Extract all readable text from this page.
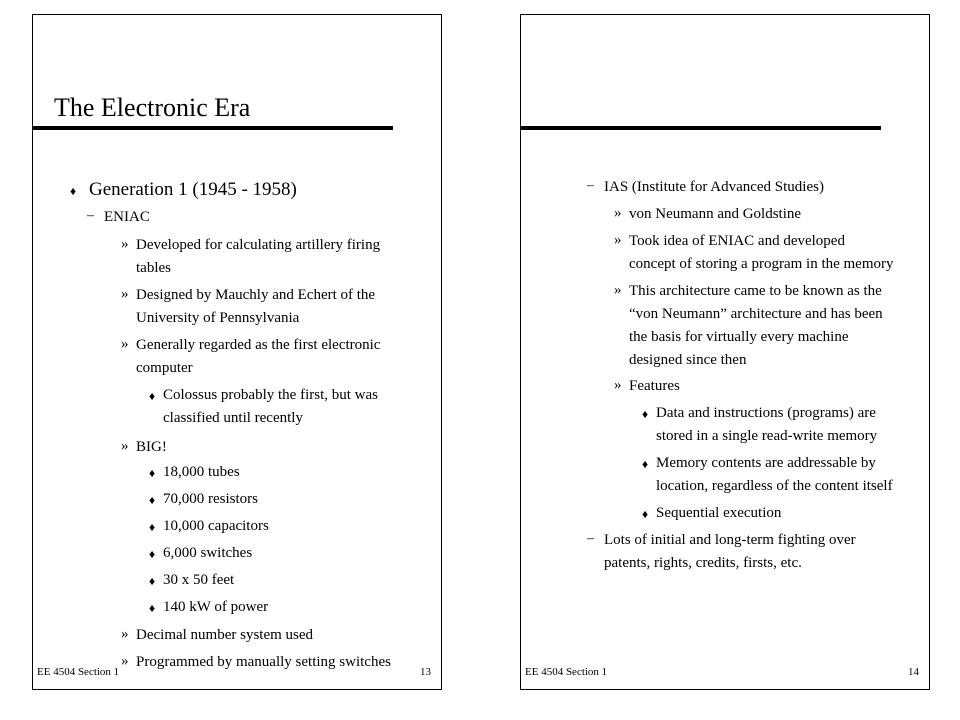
The Electronic Era
♦ Generation 1 (1945 - 1958)
– ENIAC
» Developed for calculating artillery firing
tables
» Designed by Mauchly and Echert of the
University of Pennsylvania
» Generally regarded as the first electronic
computer
♦ Colossus probably the first, but was
classified until recently
» BIG!
♦ 18,000 tubes
♦ 70,000 resistors
♦ 10,000 capacitors
♦ 6,000 switches
♦ 30 x 50 feet
♦ 140 kW of power
» Decimal number system used
» Programmed by manually setting switches
EE 4504 Section 1	13
– IAS (Institute for Advanced Studies)
» von Neumann and Goldstine
» Took idea of ENIAC and developed
concept of storing a program in the memory
» This architecture came to be known as the
“von Neumann” architecture and has been
the basis for virtually every machine
designed since then
» Features
♦ Data and instructions (programs) are
stored in a single read-write memory
♦ Memory contents are addressable by
location, regardless of the content itself
♦ Sequential execution
– Lots of initial and long-term fighting over
patents, rights, credits, firsts, etc.
EE 4504 Section 1	14
